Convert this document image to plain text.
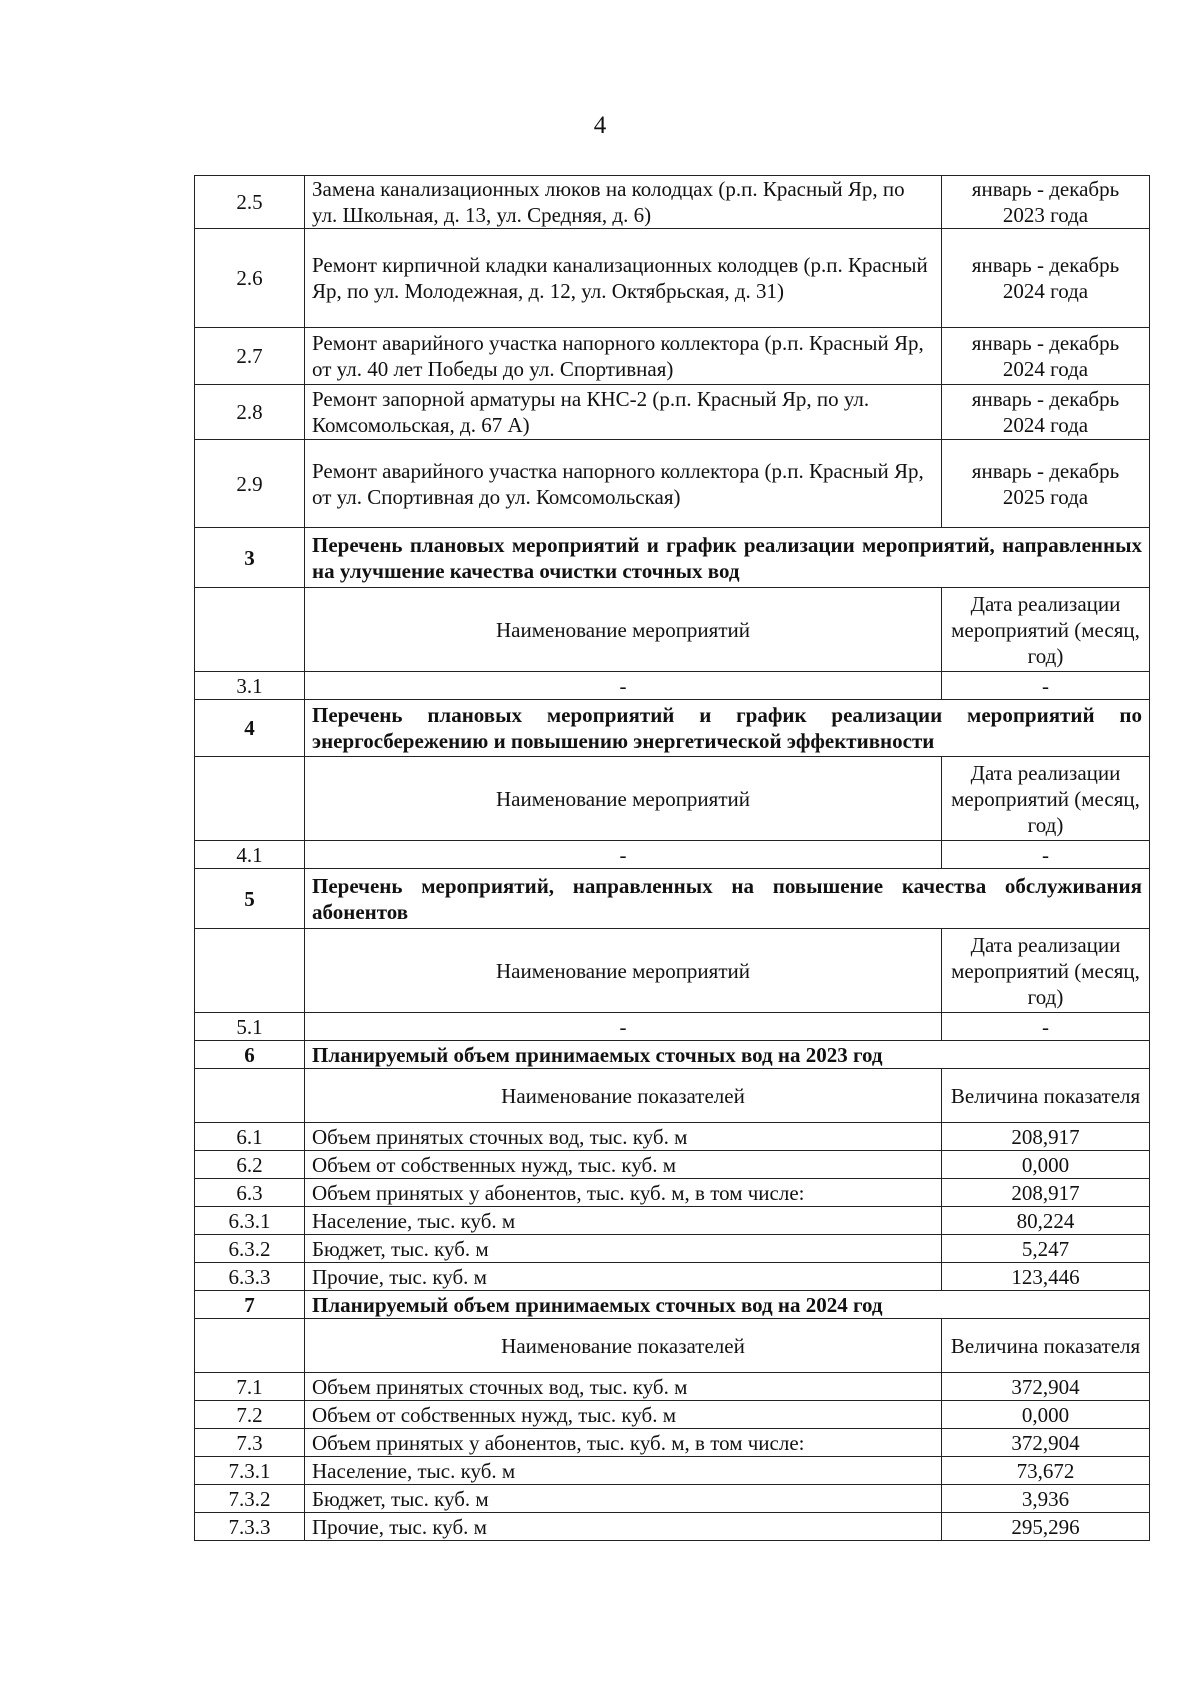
4
2.5	Замена канализационных люков на колодцах (р.п. Красный Яр, по ул. Школьная, д. 13, ул. Средняя, д. 6)	январь - декабрь 2023 года
2.6	Ремонт кирпичной кладки канализационных колодцев (р.п. Красный Яр, по ул. Молодежная, д. 12, ул. Октябрьская, д. 31)	январь - декабрь 2024 года
2.7	Ремонт аварийного участка напорного коллектора (р.п. Красный Яр, от ул. 40 лет Победы до ул. Спортивная)	январь - декабрь 2024 года
2.8	Ремонт запорной арматуры на КНС-2 (р.п. Красный Яр, по ул. Комсомольская, д. 67 А)	январь - декабрь 2024 года
2.9	Ремонт аварийного участка напорного коллектора (р.п. Красный Яр, от ул. Спортивная до ул. Комсомольская)	январь - декабрь 2025 года
3	Перечень плановых мероприятий и график реализации мероприятий, направленных на улучшение качества очистки сточных вод	
	Наименование мероприятий	Дата реализации мероприятий (месяц, год)
3.1	-	-
4	Перечень плановых мероприятий и график реализации мероприятий по энергосбережению и повышению энергетической эффективности	
	Наименование мероприятий	Дата реализации мероприятий (месяц, год)
4.1	-	-
5	Перечень мероприятий, направленных на повышение качества обслуживания абонентов	
	Наименование мероприятий	Дата реализации мероприятий (месяц, год)
5.1	-	-
6	Планируемый объем принимаемых сточных вод на 2023 год	
	Наименование показателей	Величина показателя
6.1	Объем принятых сточных вод, тыс. куб. м	208,917
6.2	Объем от собственных нужд, тыс. куб. м	0,000
6.3	Объем принятых у абонентов, тыс. куб. м, в том числе:	208,917
6.3.1	Население, тыс. куб. м	80,224
6.3.2	Бюджет, тыс. куб. м	5,247
6.3.3	Прочие, тыс. куб. м	123,446
7	Планируемый объем принимаемых сточных вод на 2024 год	
	Наименование показателей	Величина показателя
7.1	Объем принятых сточных вод, тыс. куб. м	372,904
7.2	Объем от собственных нужд, тыс. куб. м	0,000
7.3	Объем принятых у абонентов, тыс. куб. м, в том числе:	372,904
7.3.1	Население, тыс. куб. м	73,672
7.3.2	Бюджет, тыс. куб. м	3,936
7.3.3	Прочие, тыс. куб. м	295,296
